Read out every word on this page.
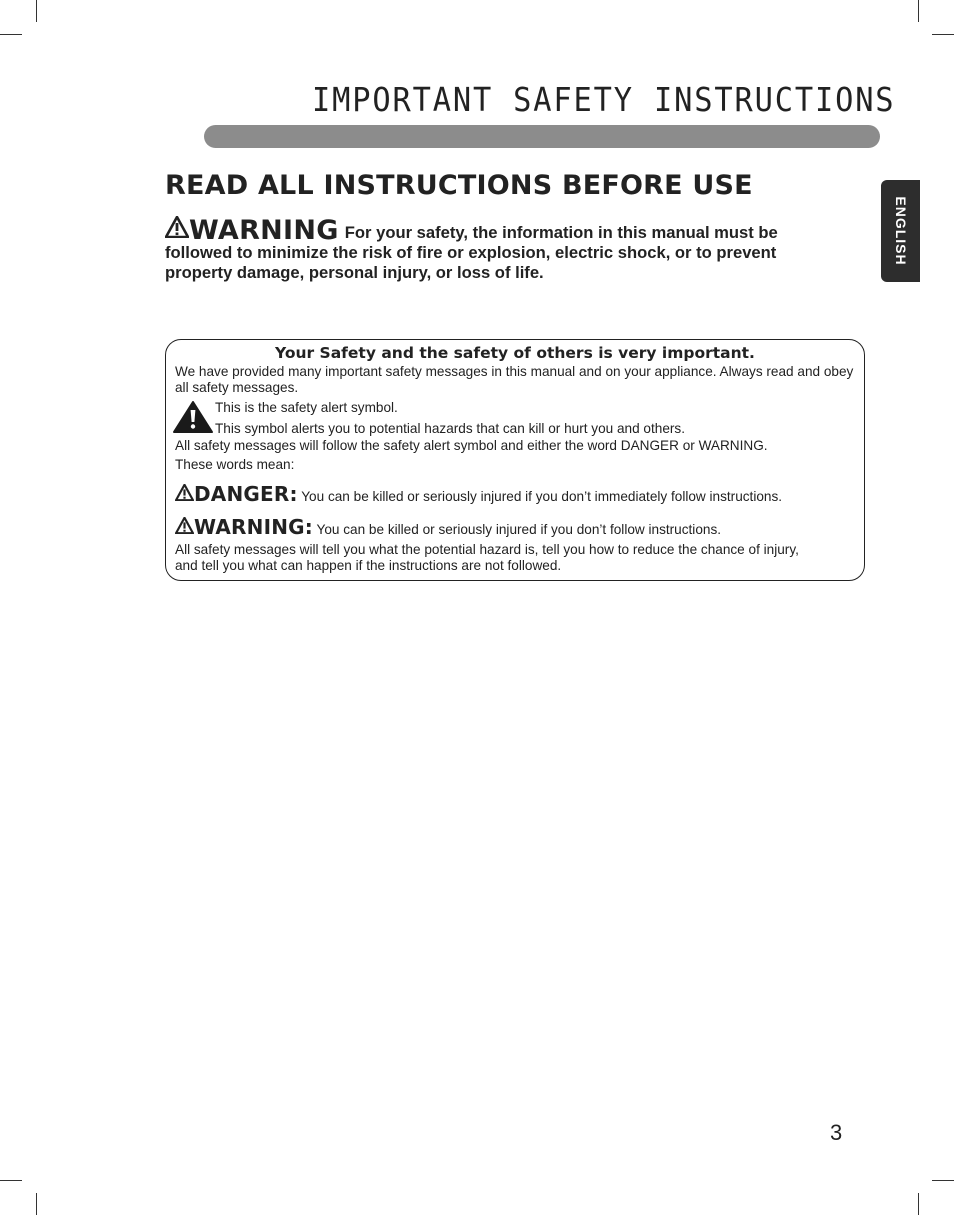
IMPORTANT SAFETY INSTRUCTIONS
ENGLISH
READ ALL INSTRUCTIONS BEFORE USE
WARNING For your safety, the information in this manual must be followed to minimize the risk of fire or explosion, electric shock, or to prevent property damage, personal injury, or loss of life.
Your Safety and the safety of others is very important.
We have provided many important safety messages in this manual and on your appliance. Always read and obey all safety messages.
This is the safety alert symbol.
This symbol alerts you to potential hazards that can kill or hurt you and others.
All safety messages will follow the safety alert symbol and either the word DANGER or WARNING.
These words mean:
DANGER: You can be killed or seriously injured if you don’t immediately follow instructions.
WARNING: You can be killed or seriously injured if you don’t follow instructions.
All safety messages will tell you what the potential hazard is, tell you how to reduce the chance of injury, and tell you what can happen if the instructions are not followed.
3
